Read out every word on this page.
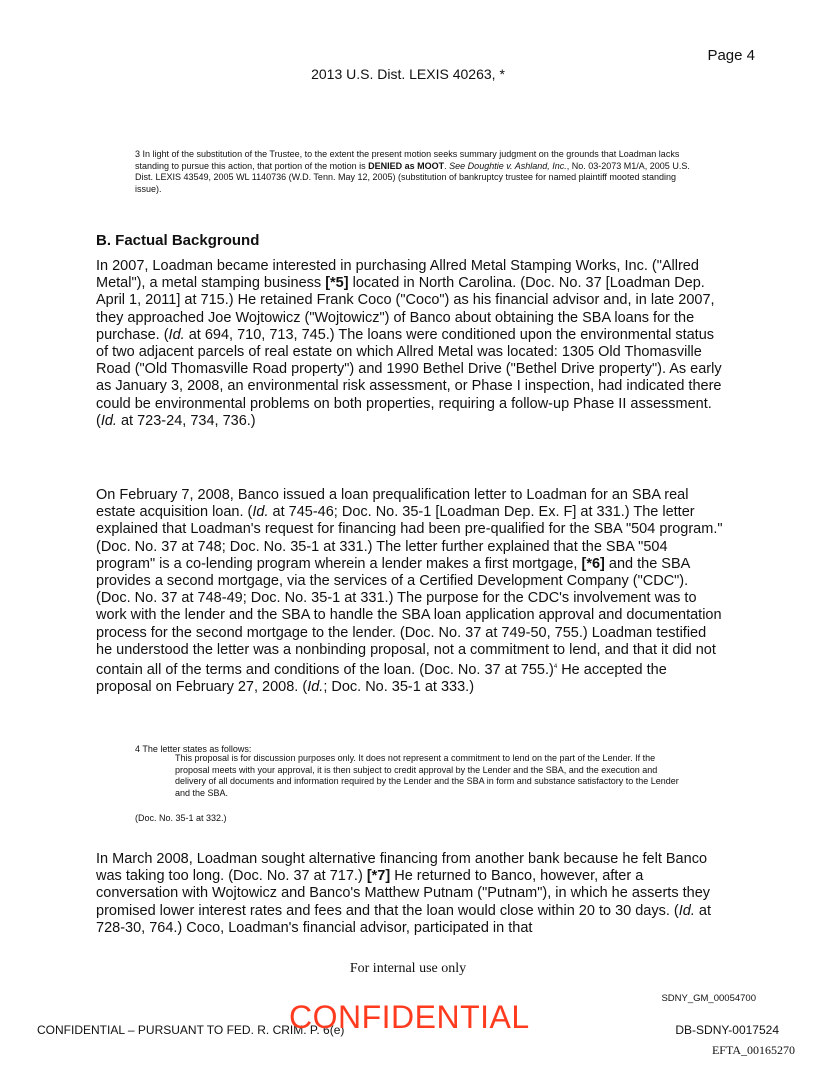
Page 4
2013 U.S. Dist. LEXIS 40263, *
3 In light of the substitution of the Trustee, to the extent the present motion seeks summary judgment on the grounds that Loadman lacks standing to pursue this action, that portion of the motion is DENIED as MOOT. See Doughtie v. Ashland, Inc., No. 03-2073 M1/A, 2005 U.S. Dist. LEXIS 43549, 2005 WL 1140736 (W.D. Tenn. May 12, 2005) (substitution of bankruptcy trustee for named plaintiff mooted standing issue).
B. Factual Background
In 2007, Loadman became interested in purchasing Allred Metal Stamping Works, Inc. ("Allred Metal"), a metal stamping business [*5] located in North Carolina. (Doc. No. 37 [Loadman Dep. April 1, 2011] at 715.) He retained Frank Coco ("Coco") as his financial advisor and, in late 2007, they approached Joe Wojtowicz ("Wojtowicz") of Banco about obtaining the SBA loans for the purchase. (Id. at 694, 710, 713, 745.) The loans were conditioned upon the environmental status of two adjacent parcels of real estate on which Allred Metal was located: 1305 Old Thomasville Road ("Old Thomasville Road property") and 1990 Bethel Drive ("Bethel Drive property"). As early as January 3, 2008, an environmental risk assessment, or Phase I inspection, had indicated there could be environmental problems on both properties, requiring a follow-up Phase II assessment. (Id. at 723-24, 734, 736.)
On February 7, 2008, Banco issued a loan prequalification letter to Loadman for an SBA real estate acquisition loan. (Id. at 745-46; Doc. No. 35-1 [Loadman Dep. Ex. F] at 331.) The letter explained that Loadman's request for financing had been pre-qualified for the SBA "504 program." (Doc. No. 37 at 748; Doc. No. 35-1 at 331.) The letter further explained that the SBA "504 program" is a co-lending program wherein a lender makes a first mortgage, [*6] and the SBA provides a second mortgage, via the services of a Certified Development Company ("CDC"). (Doc. No. 37 at 748-49; Doc. No. 35-1 at 331.) The purpose for the CDC's involvement was to work with the lender and the SBA to handle the SBA loan application approval and documentation process for the second mortgage to the lender. (Doc. No. 37 at 749-50, 755.) Loadman testified he understood the letter was a nonbinding proposal, not a commitment to lend, and that it did not contain all of the terms and conditions of the loan. (Doc. No. 37 at 755.)$^4$ He accepted the proposal on February 27, 2008. (Id.; Doc. No. 35-1 at 333.)
4 The letter states as follows:
This proposal is for discussion purposes only. It does not represent a commitment to lend on the part of the Lender. If the proposal meets with your approval, it is then subject to credit approval by the Lender and the SBA, and the execution and delivery of all documents and information required by the Lender and the SBA in form and substance satisfactory to the Lender and the SBA.
(Doc. No. 35-1 at 332.)
In March 2008, Loadman sought alternative financing from another bank because he felt Banco was taking too long. (Doc. No. 37 at 717.) [*7] He returned to Banco, however, after a conversation with Wojtowicz and Banco's Matthew Putnam ("Putnam"), in which he asserts they promised lower interest rates and fees and that the loan would close within 20 to 30 days. (Id. at 728-30, 764.) Coco, Loadman's financial advisor, participated in that
For internal use only
SDNY_GM_00054700
CONFIDENTIAL – PURSUANT TO FED. R. CRIM. P. 6(e)
CONFIDENTIAL	DB-SDNY-0017524
EFTA_00165270
